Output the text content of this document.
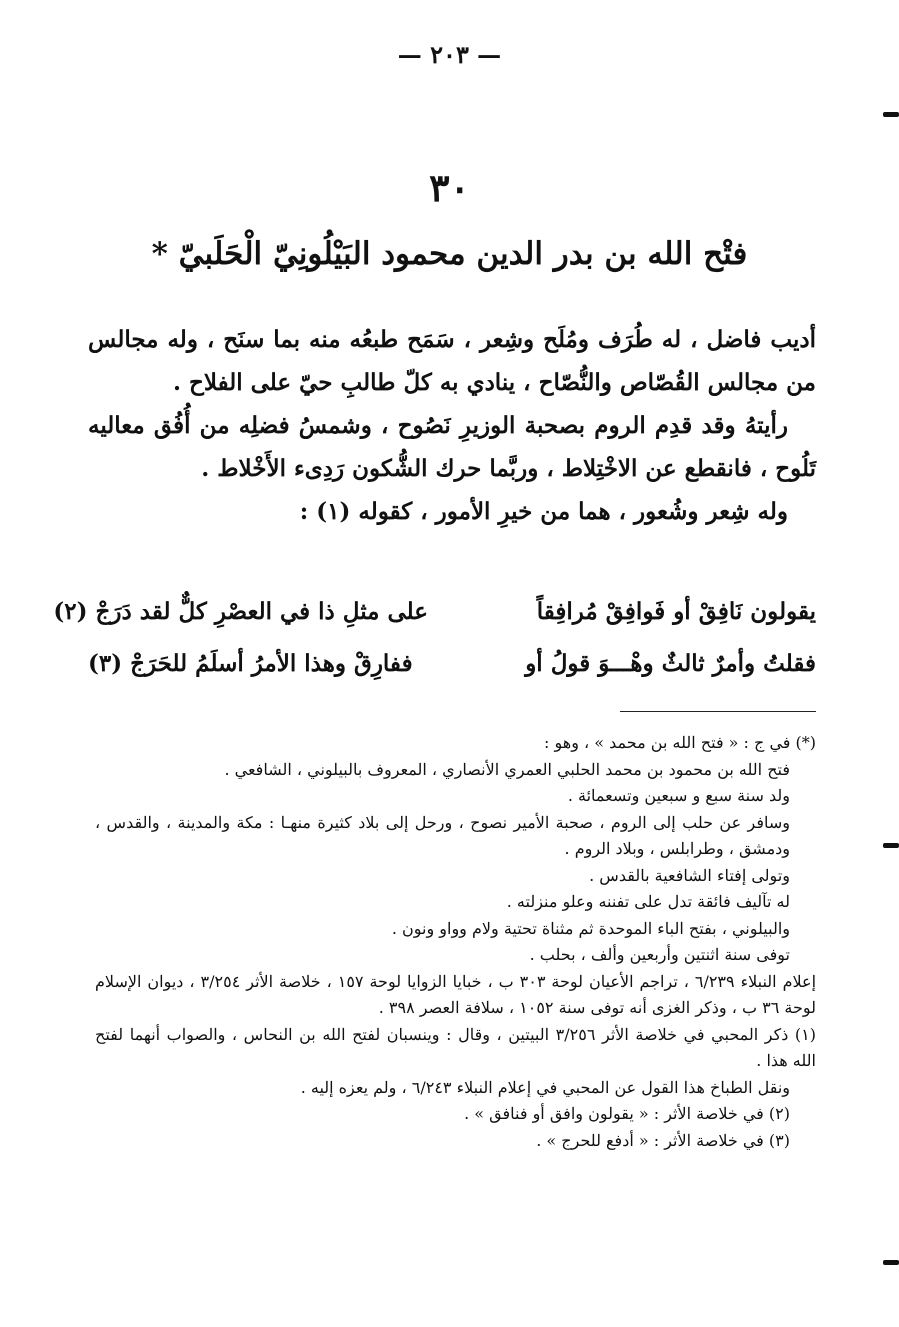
— ٢٠٣ —
٣٠
فتْح الله بن بدر الدين محمود البَيْلُونِيّ الْحَلَبيّ *

أديب فاضل ، له طُرَف ومُلَح وشِعر ، سَمَح طبعُه منه بما سنَح ، وله مجالس من مجالس القُصّاص والنُّصّاح ، ينادي به كلّ طالبِ حيّ على الفلاح .

رأيتهُ وقد قدِم الروم بصحبة الوزيرِ نَصُوح ، وشمسُ فضلِه من أُفُق معاليه تَلُوح ، فانقطع عن الاخْتِلاط ، وربَّما حرك الشُّكون رَدِىء الأَخْلاط .

وله شِعر وشُعور ، هما من خيرِ الأمور ، كقوله (١) :

يقولون نَافِقْ أو فَوافِقْ مُرافِقاً
على مثلِ ذا في العصْرِ كلٌّ لقد دَرَجْ (٢)
فقلتُ وأمرٌ ثالثٌ وهْـــوَ قولُ أو
ففارِقْ وهذا الأمرُ أسلَمُ للحَرَجْ (٣)

(*) في ج : « فتح الله بن محمد » ، وهو :

فتح الله بن محمود بن محمد الحلبي العمري الأنصاري ، المعروف بالبيلوني ، الشافعي .

ولد سنة سبع و سبعين وتسعمائة .

وسافر عن حلب إلى الروم ، صحبة الأمير نصوح ، ورحل إلى بلاد كثيرة منهـا : مكة والمدينة ، والقدس ، ودمشق ، وطرابلس ، وبلاد الروم .

وتولى إفتاء الشافعية بالقدس .

له تآليف فائقة تدل على تفننه وعلو منزلته .

والبيلوني ، بفتح الباء الموحدة ثم مثناة تحتية ولام وواو ونون .

توفى سنة اثنتين وأربعين وألف ، بحلب .

إعلام النبلاء ٦/٢٣٩ ، تراجم الأعيان لوحة ٣٠٣ ب ، خبايا الزوايا لوحة ١٥٧ ، خلاصة الأثر ٣/٢٥٤ ، ديوان الإسلام لوحة ٣٦ ب ، وذكر الغزى أنه توفى سنة ١٠٥٢ ، سلافة العصر ٣٩٨ .

(١) ذكر المحبي في خلاصة الأثر ٣/٢٥٦ البيتين ، وقال : وينسبان لفتح الله بن النحاس ، والصواب أنهما لفتح الله هذا .

ونقل الطباخ هذا القول عن المحبي في إعلام النبلاء ٦/٢٤٣ ، ولم يعزه إليه .

(٢) في خلاصة الأثر : « يقولون وافق أو فنافق » .

(٣) في خلاصة الأثر : « أدفع للحرج » .
